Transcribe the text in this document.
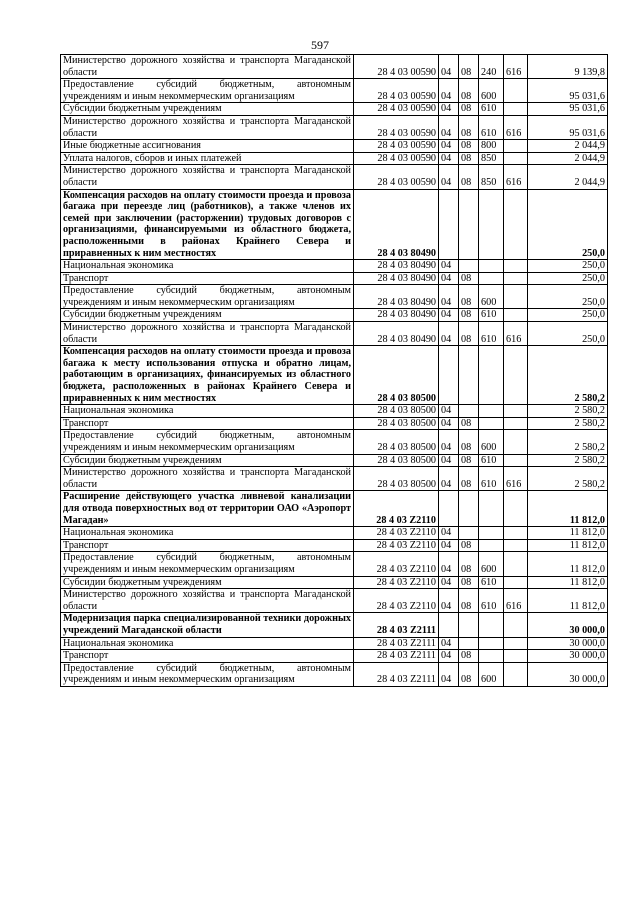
597
Министерство дорожного хозяйства и транспорта Магаданской области	28 4 03 00590	04	08	240	616	9 139,8
Предоставление субсидий бюджетным, автономным учреждениям и иным некоммерческим организациям	28 4 03 00590	04	08	600		95 031,6
Субсидии бюджетным учреждениям	28 4 03 00590	04	08	610		95 031,6
Министерство дорожного хозяйства и транспорта Магаданской области	28 4 03 00590	04	08	610	616	95 031,6
Иные бюджетные ассигнования	28 4 03 00590	04	08	800		2 044,9
Уплата налогов, сборов и иных платежей	28 4 03 00590	04	08	850		2 044,9
Министерство дорожного хозяйства и транспорта Магаданской области	28 4 03 00590	04	08	850	616	2 044,9
Компенсация расходов на оплату стоимости проезда и провоза багажа при переезде лиц (работников), а также членов их семей при заключении (расторжении) трудовых договоров с организациями, финансируемыми из областного бюджета, расположенными в районах Крайнего Севера и приравненных к ним местностях	28 4 03 80490					250,0
Национальная экономика	28 4 03 80490	04				250,0
Транспорт	28 4 03 80490	04	08			250,0
Предоставление субсидий бюджетным, автономным учреждениям и иным некоммерческим организациям	28 4 03 80490	04	08	600		250,0
Субсидии бюджетным учреждениям	28 4 03 80490	04	08	610		250,0
Министерство дорожного хозяйства и транспорта Магаданской области	28 4 03 80490	04	08	610	616	250,0
Компенсация расходов на оплату стоимости проезда и провоза багажа к месту использования отпуска и обратно лицам, работающим в организациях, финансируемых из областного бюджета, расположенных в районах Крайнего Севера и приравненных к ним местностях	28 4 03 80500					2 580,2
Национальная экономика	28 4 03 80500	04				2 580,2
Транспорт	28 4 03 80500	04	08			2 580,2
Предоставление субсидий бюджетным, автономным учреждениям и иным некоммерческим организациям	28 4 03 80500	04	08	600		2 580,2
Субсидии бюджетным учреждениям	28 4 03 80500	04	08	610		2 580,2
Министерство дорожного хозяйства и транспорта Магаданской области	28 4 03 80500	04	08	610	616	2 580,2
Расширение действующего участка ливневой канализации для отвода поверхностных вод от территории ОАО «Аэропорт Магадан»	28 4 03 Z2110					11 812,0
Национальная экономика	28 4 03 Z2110	04				11 812,0
Транспорт	28 4 03 Z2110	04	08			11 812,0
Предоставление субсидий бюджетным, автономным учреждениям и иным некоммерческим организациям	28 4 03 Z2110	04	08	600		11 812,0
Субсидии бюджетным учреждениям	28 4 03 Z2110	04	08	610		11 812,0
Министерство дорожного хозяйства и транспорта Магаданской области	28 4 03 Z2110	04	08	610	616	11 812,0
Модернизация парка специализированной техники дорожных учреждений Магаданской области	28 4 03 Z2111					30 000,0
Национальная экономика	28 4 03 Z2111	04				30 000,0
Транспорт	28 4 03 Z2111	04	08			30 000,0
Предоставление субсидий бюджетным, автономным учреждениям и иным некоммерческим организациям	28 4 03 Z2111	04	08	600		30 000,0
